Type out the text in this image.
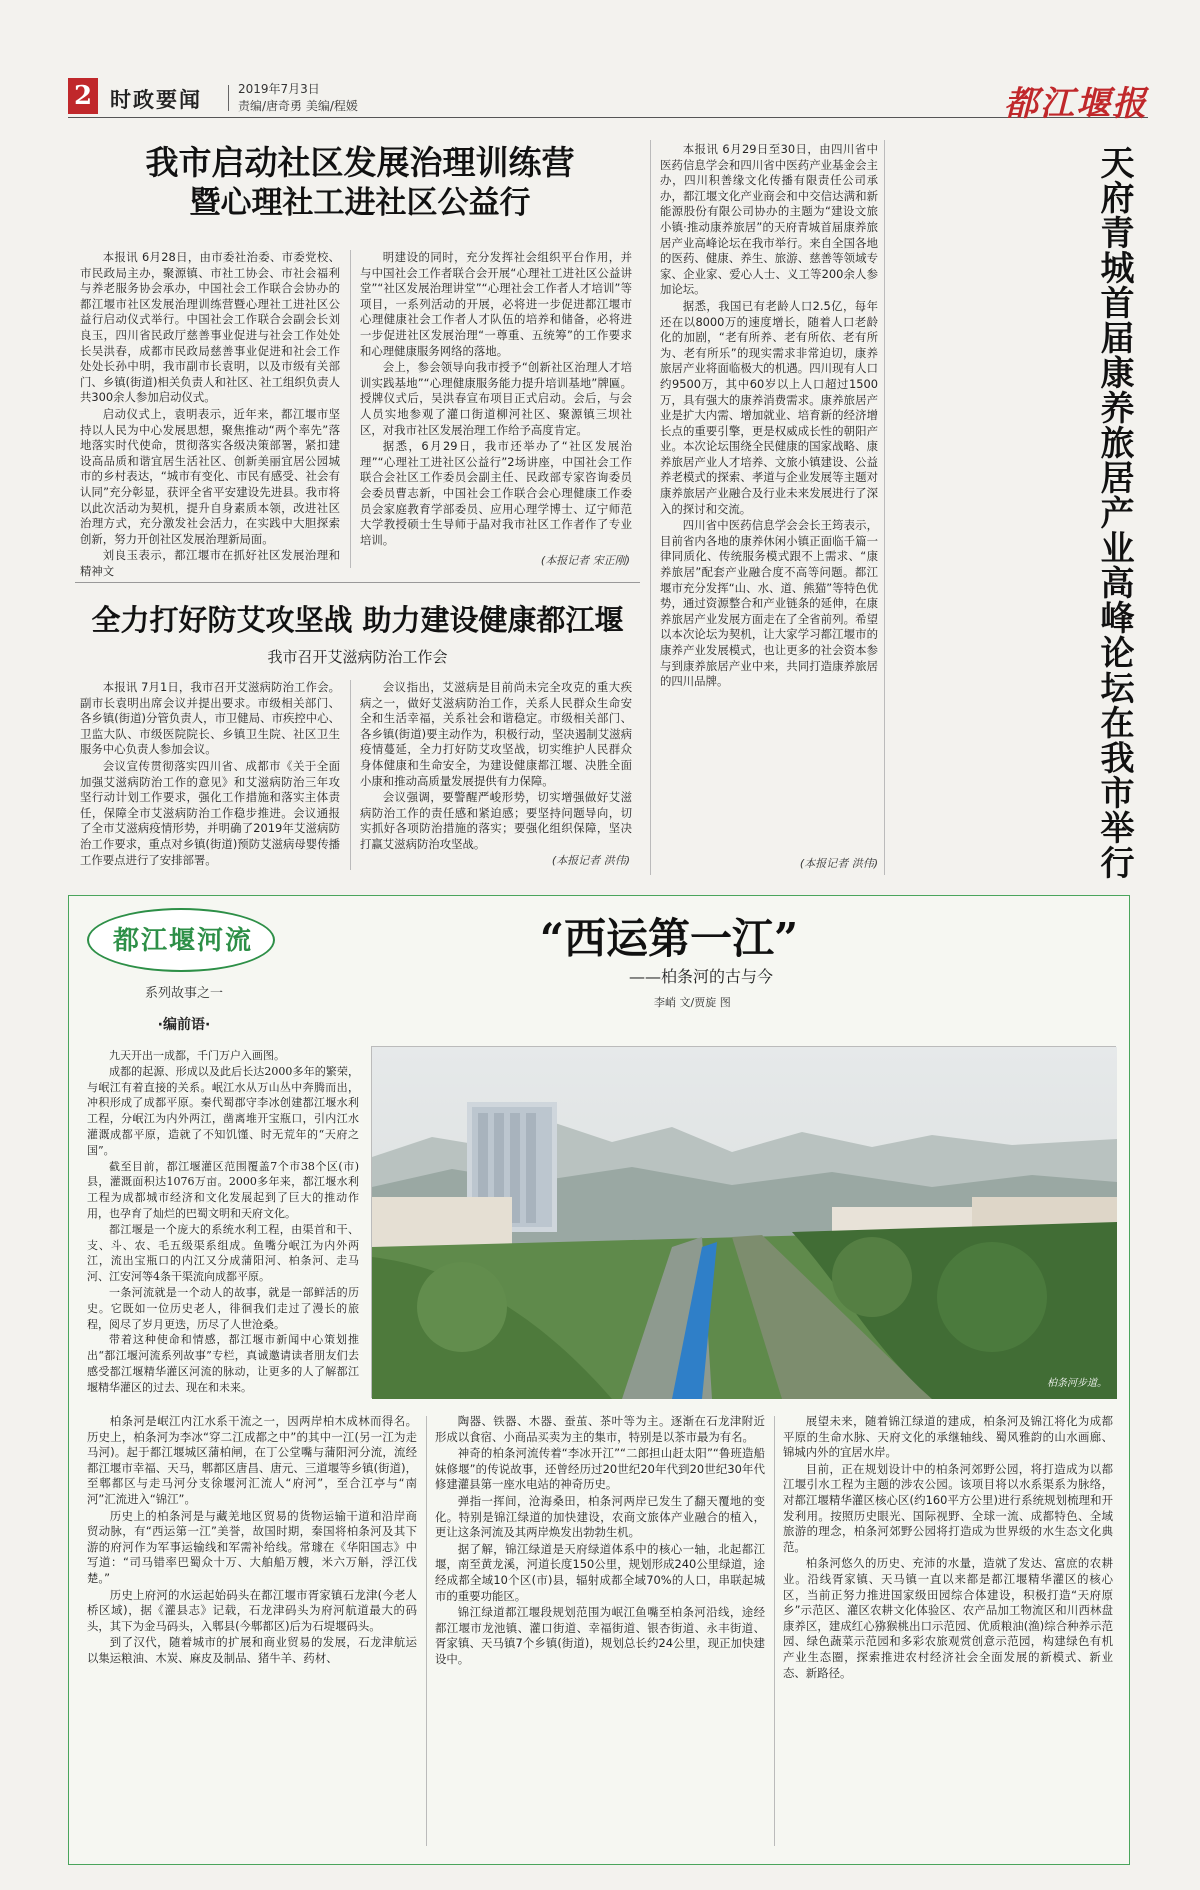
2 时政要闻	2019年7月3日
责编/唐奇勇 美编/程媛	都江堰报
我市启动社区发展治理训练营
暨心理社工进社区公益行

本报讯 6月28日，由市委社治委、市委党校、市民政局主办，聚源镇、市社工协会、市社会福利与养老服务协会承办，中国社会工作联合会协办的都江堰市社区发展治理训练营暨心理社工进社区公益行启动仪式举行。中国社会工作联合会副会长刘良玉，四川省民政厅慈善事业促进与社会工作处处长吴洪春，成都市民政局慈善事业促进和社会工作处处长孙中明，我市副市长袁明，以及市级有关部门、乡镇(街道)相关负责人和社区、社工组织负责人共300余人参加启动仪式。

启动仪式上，袁明表示，近年来，都江堰市坚持以人民为中心发展思想，聚焦推动“两个率先”落地落实时代使命，贯彻落实各级决策部署，紧扣建设高品质和谐宜居生活社区、创新美丽宜居公园城市的乡村表达，“城市有变化、市民有感受、社会有认同”充分彰显，获评全省平安建设先进县。我市将以此次活动为契机，提升自身素质本领，改进社区治理方式，充分激发社会活力，在实践中大胆探索创新，努力开创社区发展治理新局面。

刘良玉表示，都江堰市在抓好社区发展治理和精神文

明建设的同时，充分发挥社会组织平台作用，并与中国社会工作者联合会开展“心理社工进社区公益讲堂”“社区发展治理讲堂”“心理社会工作者人才培训”等项目，一系列活动的开展，必将进一步促进都江堰市心理健康社会工作者人才队伍的培养和储备，必将进一步促进社区发展治理“一尊重、五统筹”的工作要求和心理健康服务网络的落地。

会上，参会领导向我市授予“创新社区治理人才培训实践基地”“心理健康服务能力提升培训基地”牌匾。授牌仪式后，吴洪春宣布项目正式启动。会后，与会人员实地参观了灌口街道柳河社区、聚源镇三坝社区，对我市社区发展治理工作给予高度肯定。

据悉，6月29日，我市还举办了“社区发展治理”“心理社工进社区公益行”2场讲座，中国社会工作联合会社区工作委员会副主任、民政部专家咨询委员会委员曹志新，中国社会工作联合会心理健康工作委员会家庭教育学部委员、应用心理学博士、辽宁师范大学教授硕士生导师于晶对我市社区工作者作了专业培训。

(本报记者 宋正刚)
全力打好防艾攻坚战 助力建设健康都江堰
我市召开艾滋病防治工作会

本报讯 7月1日，我市召开艾滋病防治工作会。副市长袁明出席会议并提出要求。市级相关部门、各乡镇(街道)分管负责人，市卫健局、市疾控中心、卫监大队、市级医院院长、乡镇卫生院、社区卫生服务中心负责人参加会议。

会议宣传贯彻落实四川省、成都市《关于全面加强艾滋病防治工作的意见》和艾滋病防治三年攻坚行动计划工作要求，强化工作措施和落实主体责任，保障全市艾滋病防治工作稳步推进。会议通报了全市艾滋病疫情形势，并明确了2019年艾滋病防治工作要求，重点对乡镇(街道)预防艾滋病母婴传播工作要点进行了安排部署。

会议指出，艾滋病是目前尚未完全攻克的重大疾病之一，做好艾滋病防治工作，关系人民群众生命安全和生活幸福，关系社会和谐稳定。市级相关部门、各乡镇(街道)要主动作为，积极行动，坚决遏制艾滋病疫情蔓延，全力打好防艾攻坚战，切实维护人民群众身体健康和生命安全，为建设健康都江堰、决胜全面小康和推动高质量发展提供有力保障。

会议强调，要警醒严峻形势，切实增强做好艾滋病防治工作的责任感和紧迫感；要坚持问题导向，切实抓好各项防治措施的落实；要强化组织保障，坚决打赢艾滋病防治攻坚战。

(本报记者 洪伟)

本报讯 6月29日至30日，由四川省中医药信息学会和四川省中医药产业基金会主办，四川积善缘文化传播有限责任公司承办，都江堰文化产业商会和中交信达满和新能源股份有限公司协办的主题为“建设文旅小镇·推动康养旅居”的天府青城首届康养旅居产业高峰论坛在我市举行。来自全国各地的医药、健康、养生、旅游、慈善等领域专家、企业家、爱心人士、义工等200余人参加论坛。

据悉，我国已有老龄人口2.5亿，每年还在以8000万的速度增长，随着人口老龄化的加剧，“老有所养、老有所依、老有所为、老有所乐”的现实需求非常迫切，康养旅居产业将面临极大的机遇。四川现有人口约9500万，其中60岁以上人口超过1500万，具有强大的康养消费需求。康养旅居产业是扩大内需、增加就业、培育新的经济增长点的重要引擎，更是权威成长性的朝阳产业。本次论坛围绕全民健康的国家战略、康养旅居产业人才培养、文旅小镇建设、公益养老模式的探索、孝道与企业发展等主题对康养旅居产业融合及行业未来发展进行了深入的探讨和交流。

四川省中医药信息学会会长王筠表示，目前省内各地的康养休闲小镇正面临千篇一律同质化、传统服务模式跟不上需求、“康养旅居”配套产业融合度不高等问题。都江堰市充分发挥“山、水、道、熊猫”等特色优势，通过资源整合和产业链条的延伸，在康养旅居产业发展方面走在了全省前列。希望以本次论坛为契机，让大家学习都江堰市的康养产业发展模式，也让更多的社会资本参与到康养旅居产业中来，共同打造康养旅居的四川品牌。

(本报记者 洪伟)	天府青城首届康养旅居产业高峰论坛在我市举行
都江堰河流
系列故事之一
·编前语·
“西运第一江”
——柏条河的古与今
李峭 文/贾旋 图

九天开出一成都，千门万户入画图。

成都的起源、形成以及此后长达2000多年的繁荣，与岷江有着直接的关系。岷江水从万山丛中奔腾而出，冲积形成了成都平原。秦代蜀郡守李冰创建都江堰水利工程，分岷江为内外两江，凿离堆开宝瓶口，引内江水灌溉成都平原，造就了不知饥馑、时无荒年的“天府之国”。

截至目前，都江堰灌区范围覆盖7个市38个区(市)县，灌溉面积达1076万亩。2000多年来，都江堰水利工程为成都城市经济和文化发展起到了巨大的推动作用，也孕育了灿烂的巴蜀文明和天府文化。

都江堰是一个庞大的系统水利工程，由渠首和干、支、斗、农、毛五级渠系组成。鱼嘴分岷江为内外两江，流出宝瓶口的内江又分成蒲阳河、柏条河、走马河、江安河等4条干渠流向成都平原。

一条河流就是一个动人的故事，就是一部鲜活的历史。它既如一位历史老人，徘徊我们走过了漫长的旅程，阅尽了岁月更迭，历尽了人世沧桑。

带着这种使命和情感，都江堰市新闻中心策划推出“都江堰河流系列故事”专栏，真诚邀请读者朋友们去感受都江堰精华灌区河流的脉动，让更多的人了解都江堰精华灌区的过去、现在和未来。	柏条河步道。

柏条河是岷江内江水系干流之一，因两岸柏木成林而得名。历史上，柏条河为李冰“穿二江成都之中”的其中一江(另一江为走马河)。起于都江堰城区蒲柏闸，在丁公堂嘴与蒲阳河分流，流经都江堰市幸福、天马，郫都区唐昌、唐元、三道堰等乡镇(街道)，至郫都区与走马河分支徐堰河汇流人“府河”，至合江亭与“南河”汇流进入“锦江”。

历史上的柏条河是与藏羌地区贸易的货物运输干道和沿岸商贸动脉，有“西运第一江”美誉，故国时期，秦国将柏条河及其下游的府河作为军事运输线和军需补给线。常璩在《华阳国志》中写道：“司马错率巴蜀众十万、大舶船万艘，米六万斛，浮江伐楚。”

历史上府河的水运起始码头在都江堰市胥家镇石龙津(今老人桥区域)，据《灌县志》记载，石龙津码头为府河航道最大的码头，其下为金马码头，入郫县(今郫都区)后为石堤堰码头。

到了汉代，随着城市的扩展和商业贸易的发展，石龙津航运以集运粮油、木炭、麻皮及制品、猪牛羊、药材、

陶器、铁器、木器、蚕茧、茶叶等为主。逐渐在石龙津附近形成以食宿、小商品买卖为主的集市，特别是以茶市最为有名。

神奇的柏条河流传着“李冰开江”“二郎担山赶太阳”“鲁班造船妹修堰”的传说故事，还曾经历过20世纪20年代到20世纪30年代修建灌县第一座水电站的神奇历史。

弹指一挥间，沧海桑田，柏条河两岸已发生了翻天覆地的变化。特别是锦江绿道的加快建设，农商文旅体产业融合的植入，更让这条河流及其两岸焕发出勃勃生机。

据了解，锦江绿道是天府绿道体系中的核心一轴，北起都江堰，南至黄龙溪，河道长度150公里，规划形成240公里绿道，途经成都全域10个区(市)县，辐射成都全域70%的人口，串联起城市的重要功能区。

锦江绿道都江堰段规划范围为岷江鱼嘴至柏条河沿线，途经都江堰市龙池镇、灌口街道、幸福街道、银杏街道、永丰街道、胥家镇、天马镇7个乡镇(街道)，规划总长约24公里，现正加快建设中。

展望未来，随着锦江绿道的建成，柏条河及锦江将化为成都平原的生命水脉、天府文化的承继轴线、蜀风雅韵的山水画廊、锦城内外的宜居水岸。

目前，正在规划设计中的柏条河郊野公园，将打造成为以都江堰引水工程为主题的涉农公园。该项目将以水系渠系为脉络，对都江堰精华灌区核心区(约160平方公里)进行系统规划梳理和开发利用。按照历史眼光、国际视野、全球一流、成都特色、全域旅游的理念，柏条河郊野公园将打造成为世界级的水生态文化典范。

柏条河悠久的历史、充沛的水量，造就了发达、富庶的农耕业。沿线胥家镇、天马镇一直以来都是都江堰精华灌区的核心区，当前正努力推进国家级田园综合体建设，积极打造“天府原乡”示范区、灌区农耕文化体验区、农产品加工物流区和川西林盘康养区，建成红心猕猴桃出口示范园、优质粮油(渔)综合种养示范园、绿色蔬菜示范园和多彩农旅观赏创意示范园，构建绿色有机产业生态圈，探索推进农村经济社会全面发展的新模式、新业态、新路径。
